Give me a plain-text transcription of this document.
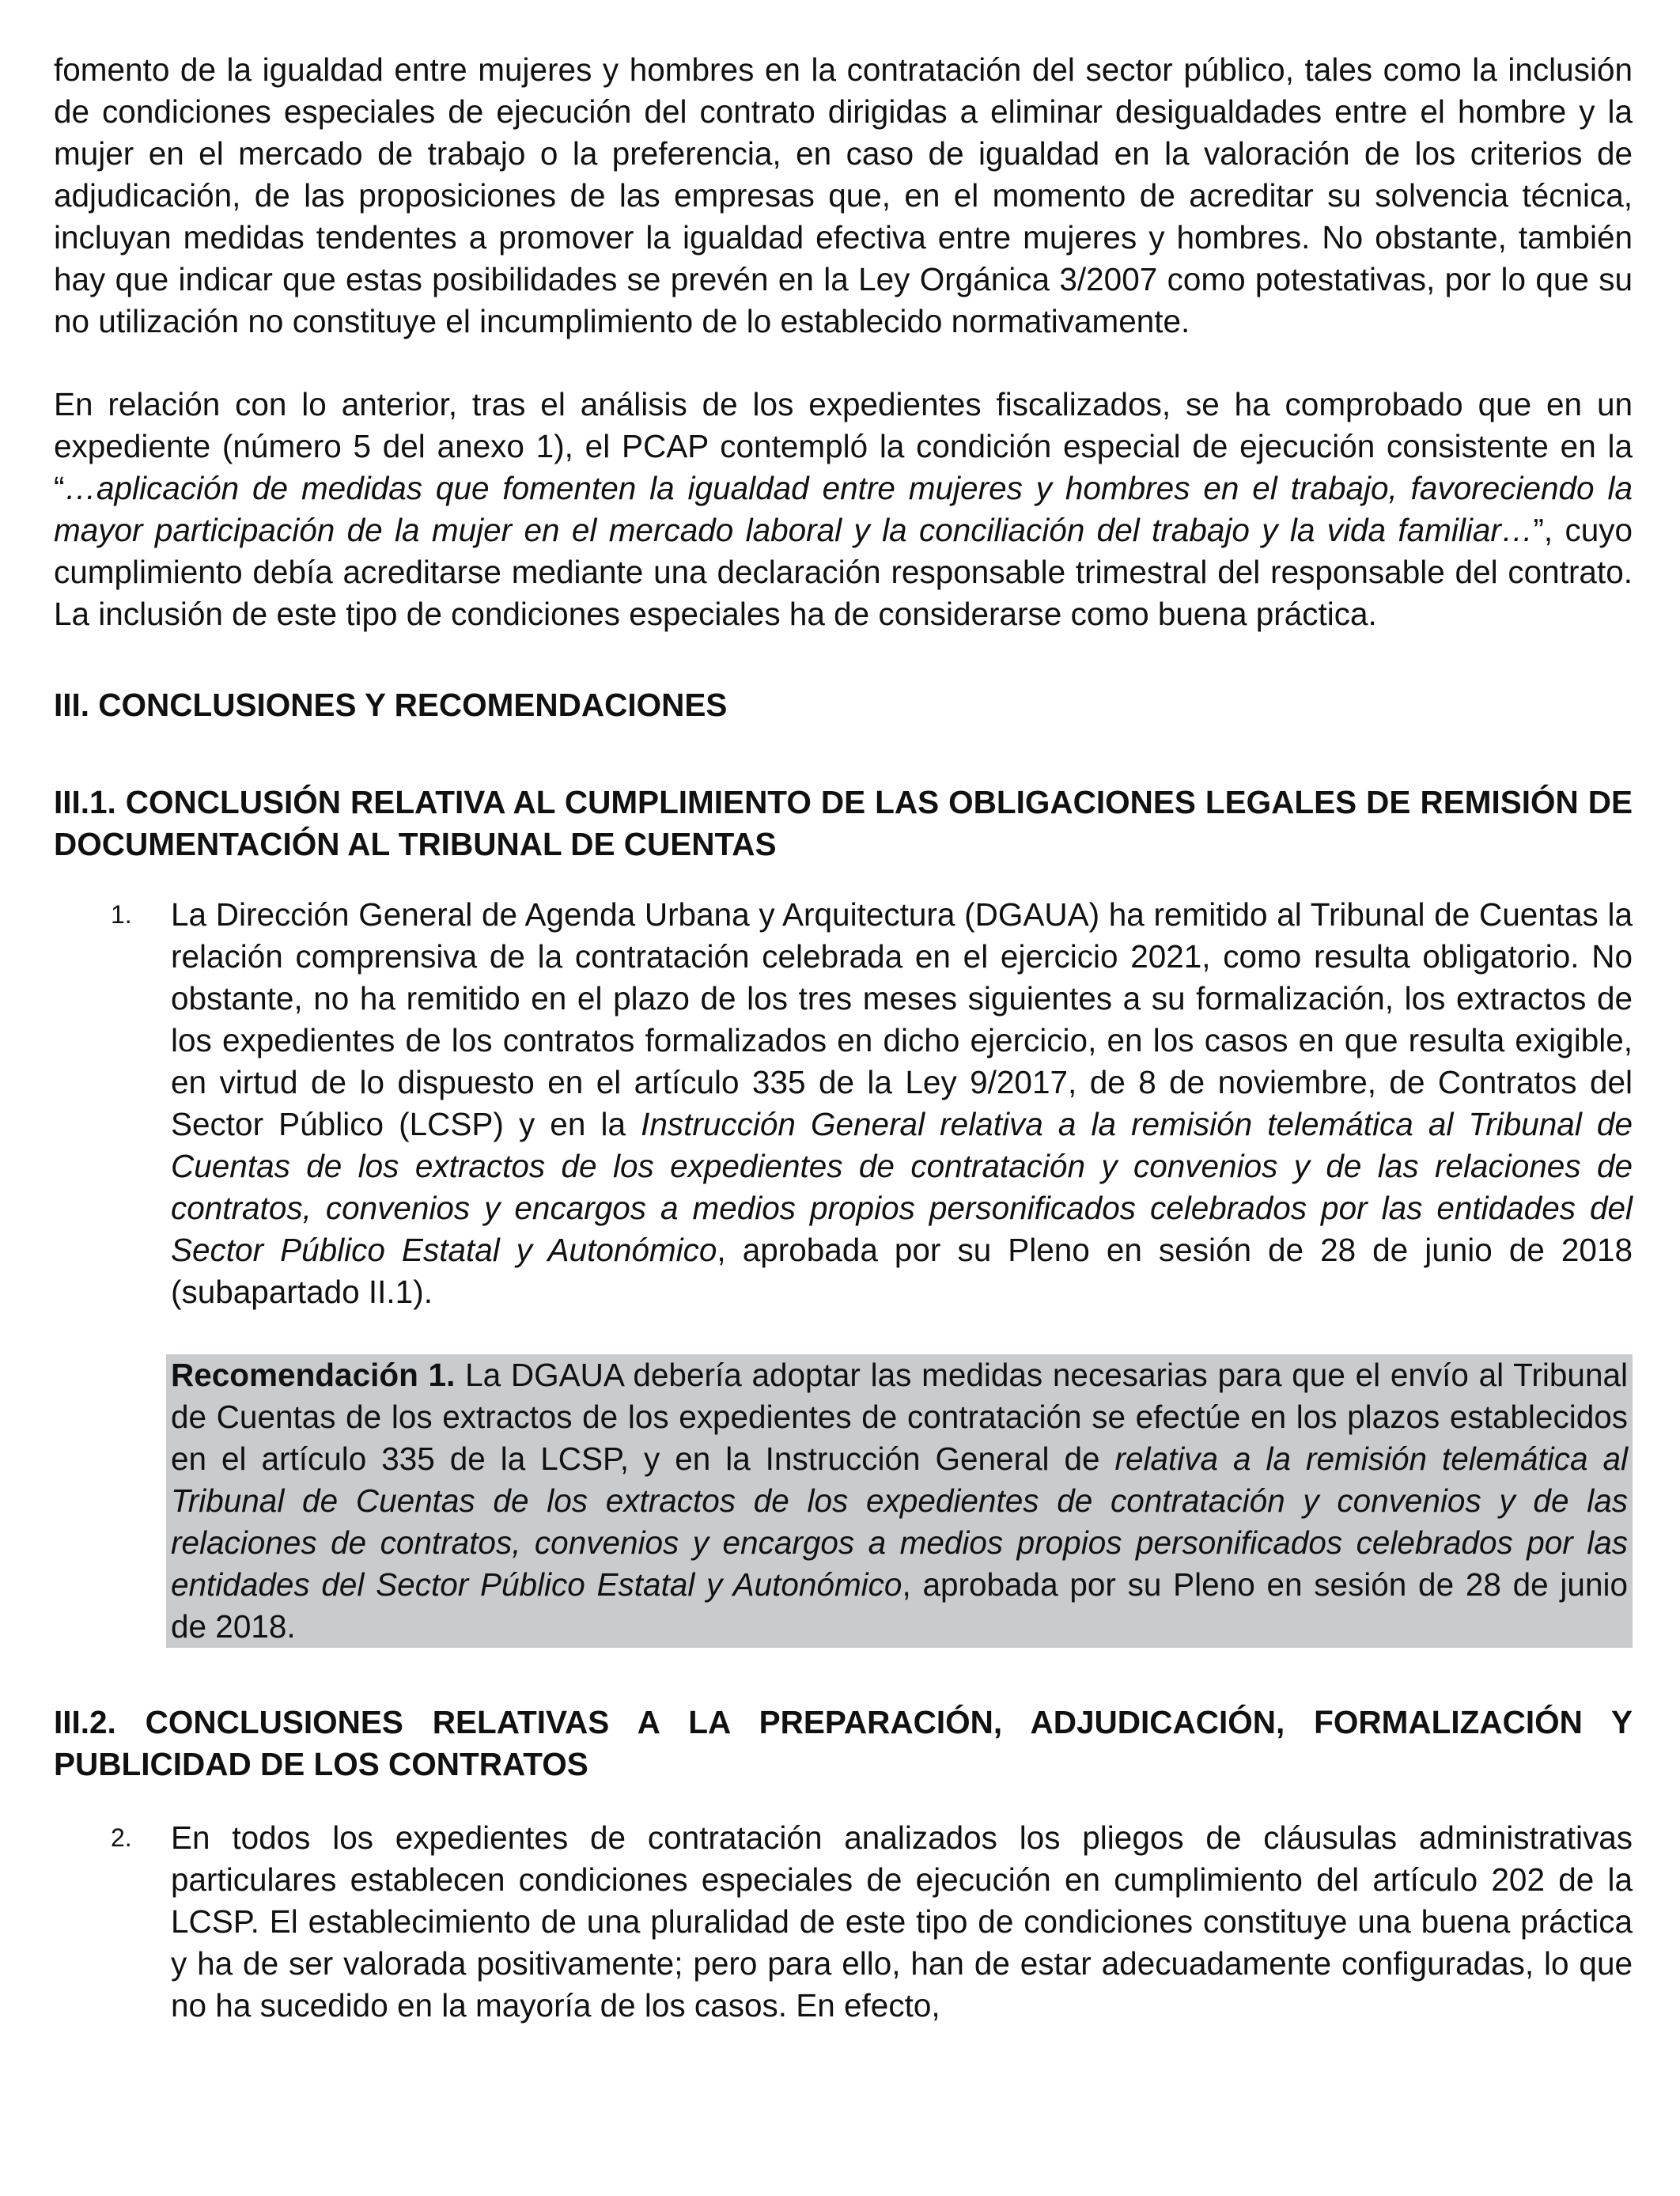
fomento de la igualdad entre mujeres y hombres en la contratación del sector público, tales como la inclusión de condiciones especiales de ejecución del contrato dirigidas a eliminar desigualdades entre el hombre y la mujer en el mercado de trabajo o la preferencia, en caso de igualdad en la valoración de los criterios de adjudicación, de las proposiciones de las empresas que, en el momento de acreditar su solvencia técnica, incluyan medidas tendentes a promover la igualdad efectiva entre mujeres y hombres. No obstante, también hay que indicar que estas posibilidades se prevén en la Ley Orgánica 3/2007 como potestativas, por lo que su no utilización no constituye el incumplimiento de lo establecido normativamente.

En relación con lo anterior, tras el análisis de los expedientes fiscalizados, se ha comprobado que en un expediente (número 5 del anexo 1), el PCAP contempló la condición especial de ejecución consistente en la “…aplicación de medidas que fomenten la igualdad entre mujeres y hombres en el trabajo, favoreciendo la mayor participación de la mujer en el mercado laboral y la conciliación del trabajo y la vida familiar…”, cuyo cumplimiento debía acreditarse mediante una declaración responsable trimestral del responsable del contrato. La inclusión de este tipo de condiciones especiales ha de considerarse como buena práctica.

III. CONCLUSIONES Y RECOMENDACIONES
III.1. CONCLUSIÓN RELATIVA AL CUMPLIMIENTO DE LAS OBLIGACIONES LEGALES DE REMISIÓN DE DOCUMENTACIÓN AL TRIBUNAL DE CUENTAS
1. La Dirección General de Agenda Urbana y Arquitectura (DGAUA) ha remitido al Tribunal de Cuentas la relación comprensiva de la contratación celebrada en el ejercicio 2021, como resulta obligatorio. No obstante, no ha remitido en el plazo de los tres meses siguientes a su formalización, los extractos de los expedientes de los contratos formalizados en dicho ejercicio, en los casos en que resulta exigible, en virtud de lo dispuesto en el artículo 335 de la Ley 9/2017, de 8 de noviembre, de Contratos del Sector Público (LCSP) y en la Instrucción General relativa a la remisión telemática al Tribunal de Cuentas de los extractos de los expedientes de contratación y convenios y de las relaciones de contratos, convenios y encargos a medios propios personificados celebrados por las entidades del Sector Público Estatal y Autonómico, aprobada por su Pleno en sesión de 28 de junio de 2018 (subapartado II.1).

Recomendación 1. La DGAUA debería adoptar las medidas necesarias para que el envío al Tribunal de Cuentas de los extractos de los expedientes de contratación se efectúe en los plazos establecidos en el artículo 335 de la LCSP, y en la Instrucción General de relativa a la remisión telemática al Tribunal de Cuentas de los extractos de los expedientes de contratación y convenios y de las relaciones de contratos, convenios y encargos a medios propios personificados celebrados por las entidades del Sector Público Estatal y Autonómico, aprobada por su Pleno en sesión de 28 de junio de 2018.

III.2. CONCLUSIONES RELATIVAS A LA PREPARACIÓN, ADJUDICACIÓN, FORMALIZACIÓN Y PUBLICIDAD DE LOS CONTRATOS
2. En todos los expedientes de contratación analizados los pliegos de cláusulas administrativas particulares establecen condiciones especiales de ejecución en cumplimiento del artículo 202 de la LCSP. El establecimiento de una pluralidad de este tipo de condiciones constituye una buena práctica y ha de ser valorada positivamente; pero para ello, han de estar adecuadamente configuradas, lo que no ha sucedido en la mayoría de los casos. En efecto,
